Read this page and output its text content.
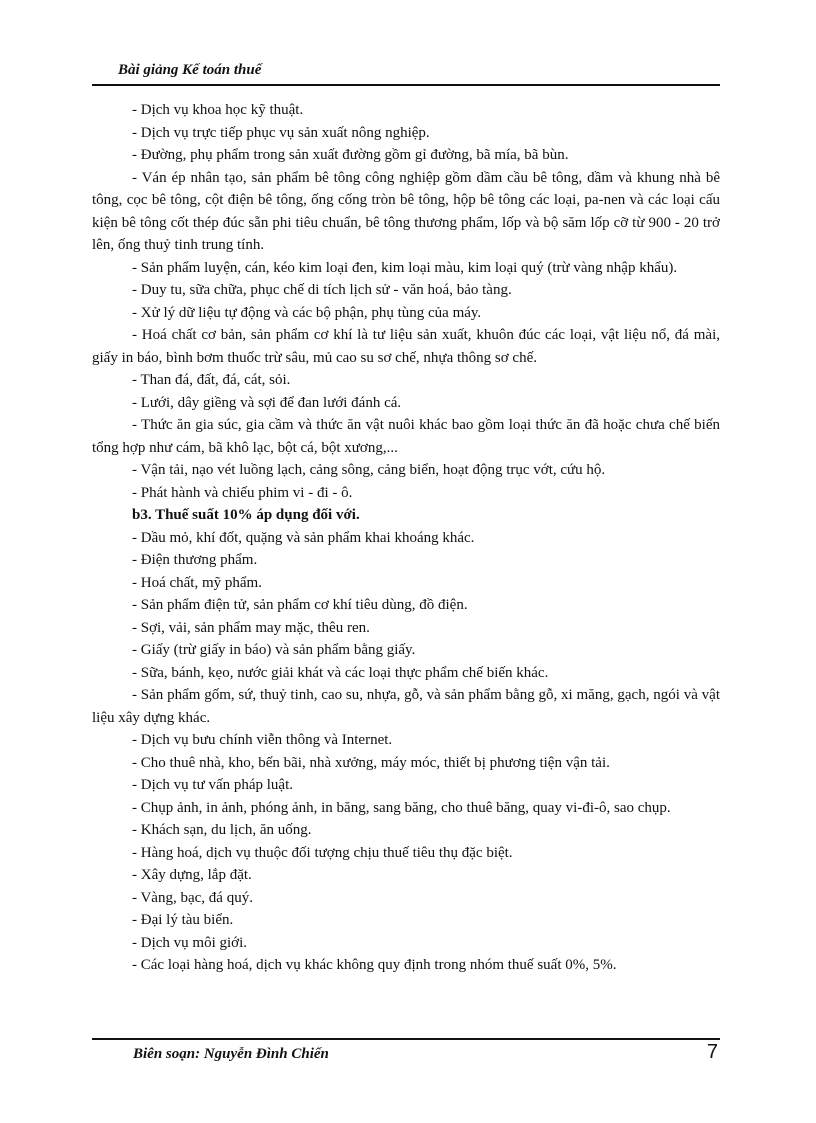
Bài giảng Kế toán thuế

- Dịch vụ khoa học kỹ thuật.

- Dịch vụ trực tiếp phục vụ sản xuất nông nghiệp.

- Đường, phụ phẩm trong sản xuất đường gồm gỉ đường, bã mía, bã bùn.

- Ván ép nhân tạo, sản phẩm bê tông công nghiệp gồm dầm cầu bê tông, dầm và khung nhà bê tông, cọc bê tông, cột điện bê tông, ống cống tròn bê tông, hộp bê tông các loại, pa-nen và các loại cấu kiện bê tông cốt thép đúc sẵn phi tiêu chuẩn, bê tông thương phẩm, lốp và bộ săm lốp cỡ từ 900 - 20 trở lên, ống thuỷ tinh trung tính.

- Sản phẩm luyện, cán, kéo kim loại đen, kim loại màu, kim loại quý (trừ vàng nhập khẩu).

- Duy tu, sữa chữa, phục chế di tích lịch sử - văn hoá, bảo tàng.

- Xử lý dữ liệu tự động và các bộ phận, phụ tùng của máy.

- Hoá chất cơ bản, sản phẩm cơ khí là tư liệu sản xuất, khuôn đúc các loại, vật liệu nổ, đá mài, giấy in báo, bình bơm thuốc trừ sâu, mủ cao su sơ chế, nhựa thông sơ chế.

- Than đá, đất, đá, cát, sỏi.

- Lưới, dây giềng và sợi để đan lưới đánh cá.

- Thức ăn gia súc, gia cầm và thức ăn vật nuôi khác bao gồm loại thức ăn đã hoặc chưa chế biến tổng hợp như cám, bã khô lạc, bột cá, bột xương,...

- Vận tải, nạo vét luồng lạch, cảng sông, cảng biển, hoạt động trục vớt, cứu hộ.

- Phát hành và chiếu phim vi - đi - ô.

b3. Thuế suất 10% áp dụng đối với.

- Dầu mỏ, khí đốt, quặng và sản phẩm khai khoáng khác.

- Điện thương phẩm.

- Hoá chất, mỹ phẩm.

- Sản phẩm điện tử, sản phẩm cơ khí tiêu dùng, đồ điện.

- Sợi, vải, sản phẩm may mặc, thêu ren.

- Giấy (trừ giấy in báo) và sản phẩm bằng giấy.

- Sữa, bánh, kẹo, nước giải khát và các loại thực phẩm chế biến khác.

- Sản phẩm gốm, sứ, thuỷ tinh, cao su, nhựa, gỗ, và sản phẩm bằng gỗ, xi măng, gạch, ngói và vật liệu xây dựng khác.

- Dịch vụ bưu chính viễn thông và Internet.

- Cho thuê nhà, kho, bến bãi, nhà xưởng, máy móc, thiết bị phương tiện vận tải.

- Dịch vụ tư vấn pháp luật.

- Chụp ảnh, in ảnh, phóng ảnh, in băng, sang băng, cho thuê băng, quay vi-đi-ô, sao chụp.

- Khách sạn, du lịch, ăn uống.

- Hàng hoá, dịch vụ thuộc đối tượng chịu thuế tiêu thụ đặc biệt.

- Xây dựng, lắp đặt.

- Vàng, bạc, đá quý.

- Đại lý tàu biển.

- Dịch vụ môi giới.

- Các loại hàng hoá, dịch vụ khác không quy định trong nhóm thuế suất 0%, 5%.

Biên soạn: Nguyễn Đình Chiến	7
